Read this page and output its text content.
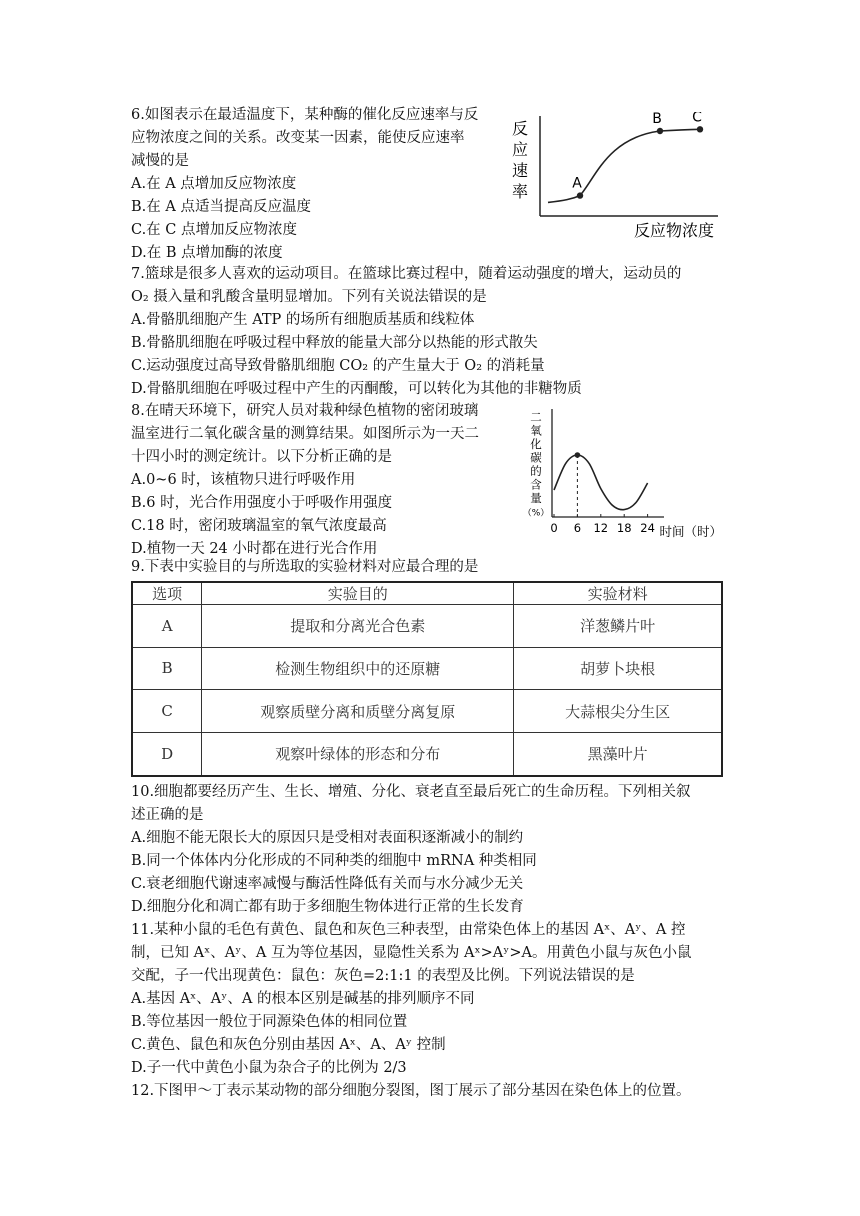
6.如图表示在最适温度下，某种酶的催化反应速率与反
应物浓度之间的关系。改变某一因素，能使反应速率
减慢的是
A.在 A 点增加反应物浓度
B.在 A 点适当提高反应温度
C.在 C 点增加反应物浓度
D.在 B 点增加酶的浓度
反
应
速
率	A
B C
反应物浓度
7.篮球是很多人喜欢的运动项目。在篮球比赛过程中，随着运动强度的增大，运动员的
O₂ 摄入量和乳酸含量明显增加。下列有关说法错误的是
A.骨骼肌细胞产生 ATP 的场所有细胞质基质和线粒体
B.骨骼肌细胞在呼吸过程中释放的能量大部分以热能的形式散失
C.运动强度过高导致骨骼肌细胞 CO₂ 的产生量大于 O₂ 的消耗量
D.骨骼肌细胞在呼吸过程中产生的丙酮酸，可以转化为其他的非糖物质
8.在晴天环境下，研究人员对栽种绿色植物的密闭玻璃
温室进行二氧化碳含量的测算结果。如图所示为一天二
十四小时的测定统计。以下分析正确的是
A.0~6 时，该植物只进行呼吸作用
B.6 时，光合作用强度小于呼吸作用强度
C.18 时，密闭玻璃温室的氧气浓度最高
D.植物一天 24 小时都在进行光合作用
二
氧
化
碳
的
含
量
（%）
0 6 12 18 24 时间（时）
9.下表中实验目的与所选取的实验材料对应最合理的是
选项	实验目的	实验材料
A	提取和分离光合色素	洋葱鳞片叶
B	检测生物组织中的还原糖	胡萝卜块根
C	观察质壁分离和质壁分离复原	大蒜根尖分生区
D	观察叶绿体的形态和分布	黑藻叶片
10.细胞都要经历产生、生长、增殖、分化、衰老直至最后死亡的生命历程。下列相关叙
述正确的是
A.细胞不能无限长大的原因只是受相对表面积逐渐减小的制约
B.同一个体体内分化形成的不同种类的细胞中 mRNA 种类相同
C.衰老细胞代谢速率减慢与酶活性降低有关而与水分减少无关
D.细胞分化和凋亡都有助于多细胞生物体进行正常的生长发育
11.某种小鼠的毛色有黄色、鼠色和灰色三种表型，由常染色体上的基因 Aˣ、Aʸ、A 控
制，已知 Aˣ、Aʸ、A 互为等位基因，显隐性关系为 Aˣ>Aʸ>A。用黄色小鼠与灰色小鼠
交配，子一代出现黄色：鼠色：灰色=2:1:1 的表型及比例。下列说法错误的是
A.基因 Aˣ、Aʸ、A 的根本区别是碱基的排列顺序不同
B.等位基因一般位于同源染色体的相同位置
C.黄色、鼠色和灰色分别由基因 Aˣ、A、Aʸ 控制
D.子一代中黄色小鼠为杂合子的比例为 2/3
12.下图甲～丁表示某动物的部分细胞分裂图，图丁展示了部分基因在染色体上的位置。
